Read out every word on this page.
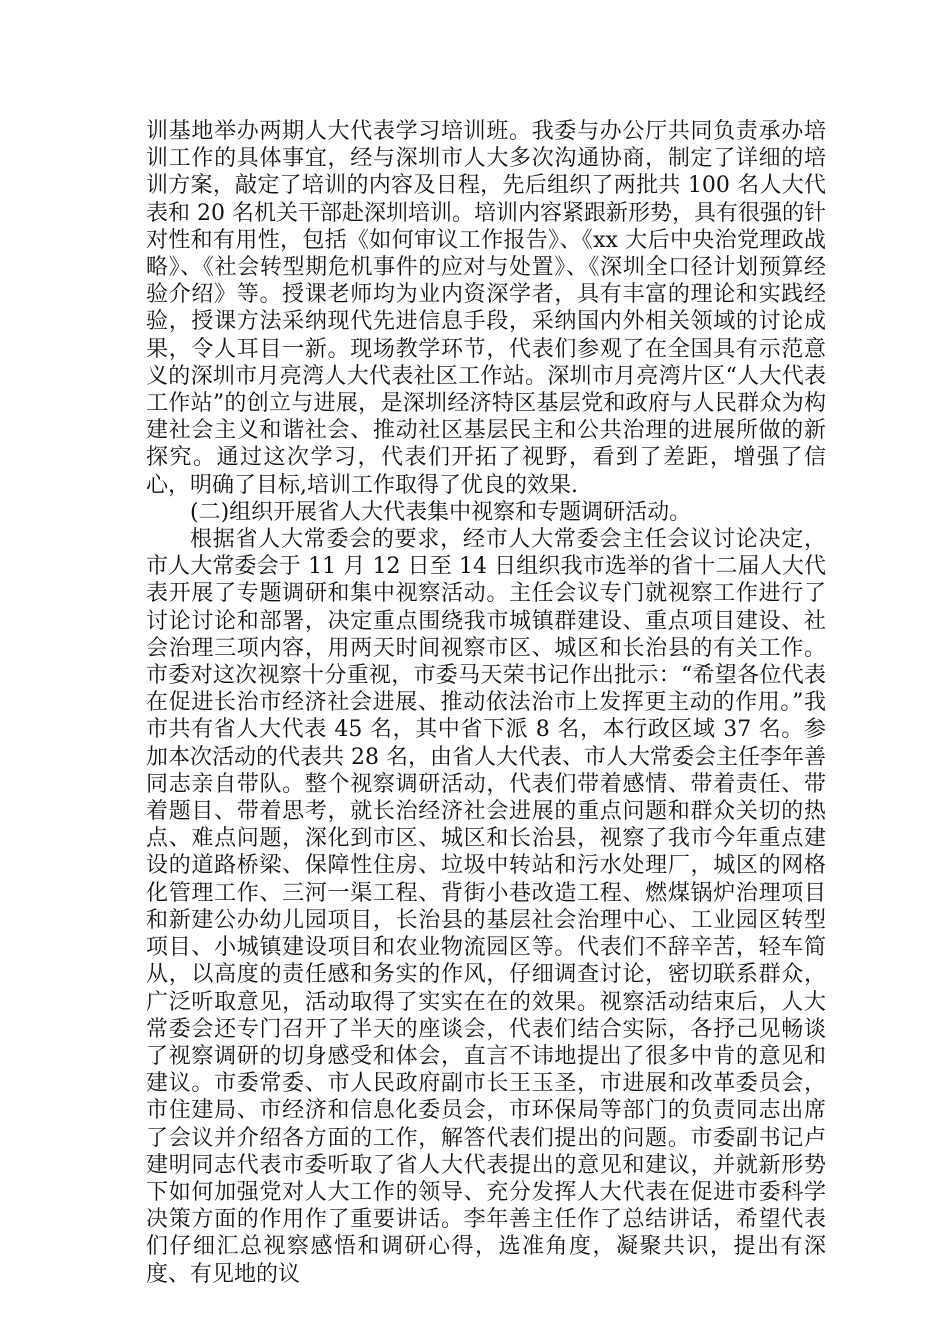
训基地举办两期人大代表学习培训班。我委与办公厅共同负责承办培训工作的具体事宜，经与深圳市人大多次沟通协商，制定了详细的培训方案，敲定了培训的内容及日程，先后组织了两批共 100 名人大代表和 20 名机关干部赴深圳培训。培训内容紧跟新形势，具有很强的针对性和有用性，包括《如何审议工作报告》、《xx 大后中央治党理政战略》、《社会转型期危机事件的应对与处置》、《深圳全口径计划预算经验介绍》等。授课老师均为业内资深学者，具有丰富的理论和实践经验，授课方法采纳现代先进信息手段，采纳国内外相关领域的讨论成果，令人耳目一新。现场教学环节，代表们参观了在全国具有示范意义的深圳市月亮湾人大代表社区工作站。深圳市月亮湾片区“人大代表工作站”的创立与进展，是深圳经济特区基层党和政府与人民群众为构建社会主义和谐社会、推动社区基层民主和公共治理的进展所做的新探究。通过这次学习，代表们开拓了视野，看到了差距，增强了信心，明确了目标,培训工作取得了优良的效果.

(二)组织开展省人大代表集中视察和专题调研活动。

根据省人大常委会的要求，经市人大常委会主任会议讨论决定，市人大常委会于 11 月 12 日至 14 日组织我市选举的省十二届人大代表开展了专题调研和集中视察活动。主任会议专门就视察工作进行了讨论讨论和部署，决定重点围绕我市城镇群建设、重点项目建设、社会治理三项内容，用两天时间视察市区、城区和长治县的有关工作。市委对这次视察十分重视，市委马天荣书记作出批示：“希望各位代表在促进长治市经济社会进展、推动依法治市上发挥更主动的作用。”我市共有省人大代表 45 名，其中省下派 8 名，本行政区域 37 名。参加本次活动的代表共 28 名，由省人大代表、市人大常委会主任李年善同志亲自带队。整个视察调研活动，代表们带着感情、带着责任、带着题目、带着思考，就长治经济社会进展的重点问题和群众关切的热点、难点问题，深化到市区、城区和长治县，视察了我市今年重点建设的道路桥梁、保障性住房、垃圾中转站和污水处理厂，城区的网格化管理工作、三河一渠工程、背街小巷改造工程、燃煤锅炉治理项目和新建公办幼儿园项目，长治县的基层社会治理中心、工业园区转型项目、小城镇建设项目和农业物流园区等。代表们不辞辛苦，轻车简从，以高度的责任感和务实的作风，仔细调查讨论，密切联系群众，广泛听取意见，活动取得了实实在在的效果。视察活动结束后，人大常委会还专门召开了半天的座谈会，代表们结合实际，各抒己见畅谈了视察调研的切身感受和体会，直言不讳地提出了很多中肯的意见和建议。市委常委、市人民政府副市长王玉圣，市进展和改革委员会，市住建局、市经济和信息化委员会，市环保局等部门的负责同志出席了会议并介绍各方面的工作，解答代表们提出的问题。市委副书记卢建明同志代表市委听取了省人大代表提出的意见和建议，并就新形势下如何加强党对人大工作的领导、充分发挥人大代表在促进市委科学决策方面的作用作了重要讲话。李年善主任作了总结讲话，希望代表们仔细汇总视察感悟和调研心得，选准角度，凝聚共识，提出有深度、有见地的议
